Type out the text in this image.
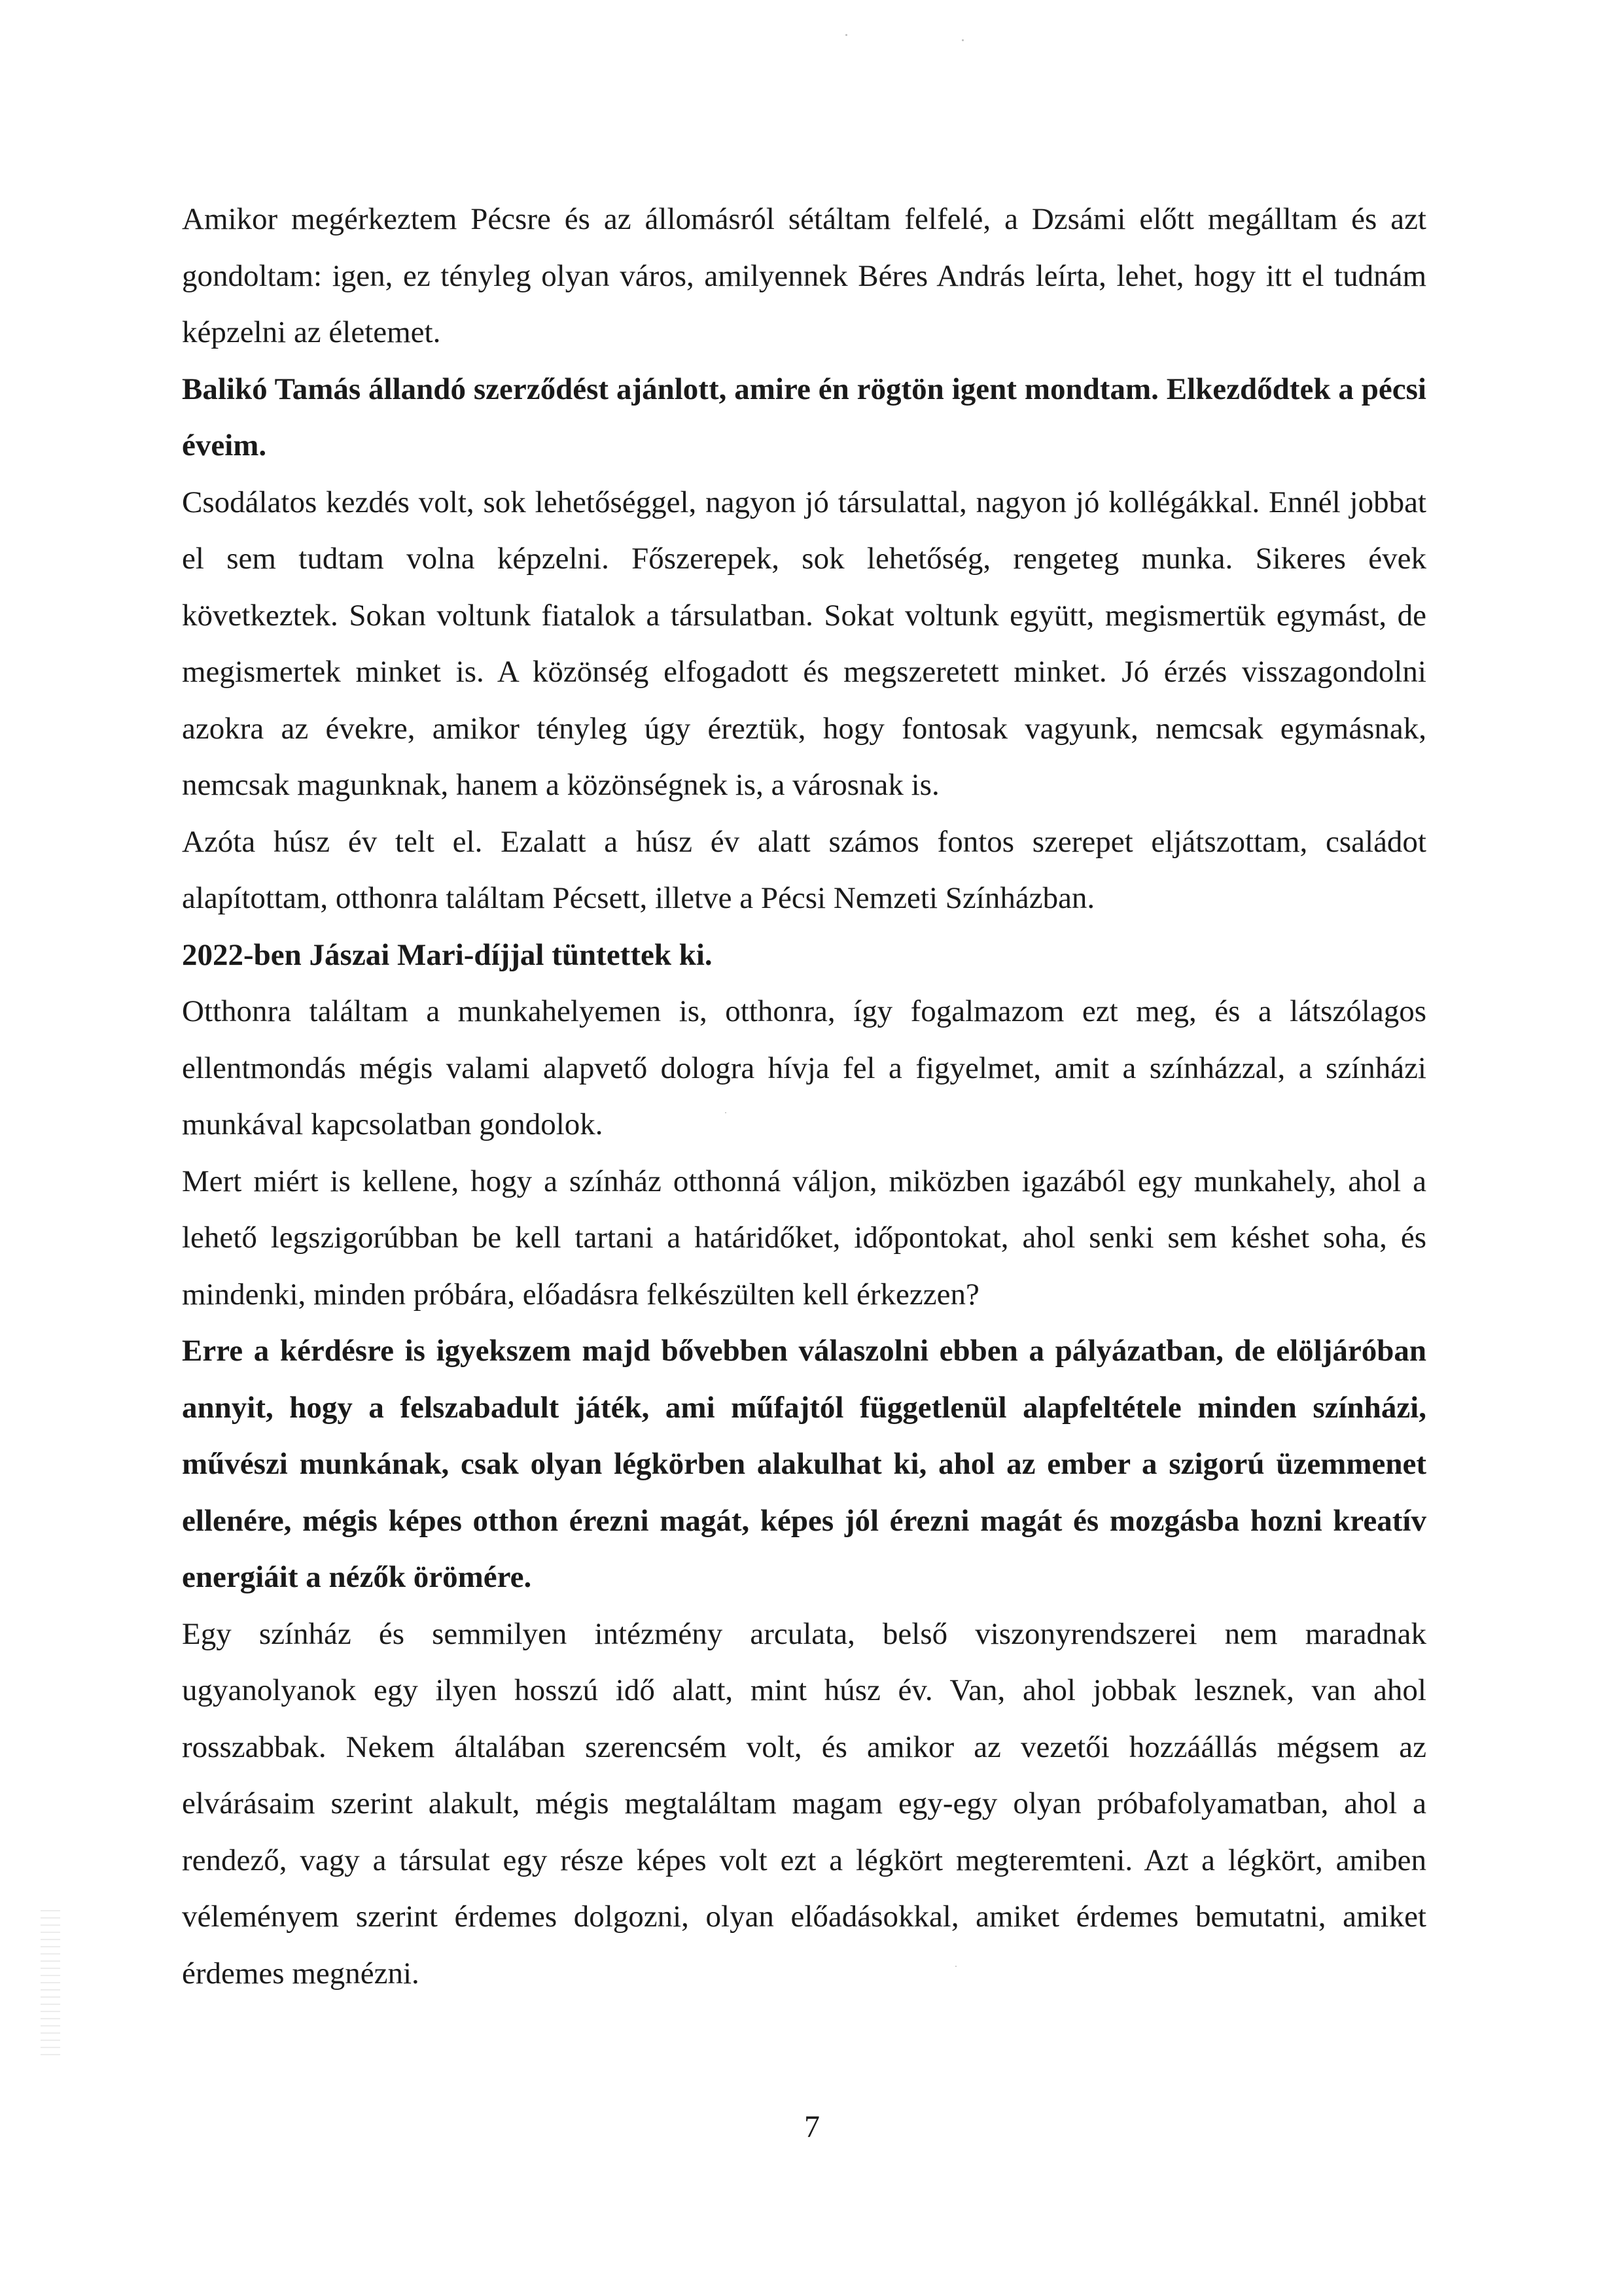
Amikor megérkeztem Pécsre és az állomásról sétáltam felfelé, a Dzsámi előtt megálltam és azt gondoltam: igen, ez tényleg olyan város, amilyennek Béres András leírta, lehet, hogy itt el tudnám képzelni az életemet.

Balikó Tamás állandó szerződést ajánlott, amire én rögtön igent mondtam. Elkezdődtek a pécsi éveim.

Csodálatos kezdés volt, sok lehetőséggel, nagyon jó társulattal, nagyon jó kollégákkal. Ennél jobbat el sem tudtam volna képzelni. Főszerepek, sok lehetőség, rengeteg munka. Sikeres évek következtek. Sokan voltunk fiatalok a társulatban. Sokat voltunk együtt, megismertük egymást, de megismertek minket is. A közönség elfogadott és megszeretett minket. Jó érzés visszagondolni azokra az évekre, amikor tényleg úgy éreztük, hogy fontosak vagyunk, nemcsak egymásnak, nemcsak magunknak, hanem a közönségnek is, a városnak is.

Azóta húsz év telt el. Ezalatt a húsz év alatt számos fontos szerepet eljátszottam, családot alapítottam, otthonra találtam Pécsett, illetve a Pécsi Nemzeti Színházban.

2022-ben Jászai Mari-díjjal tüntettek ki.

Otthonra találtam a munkahelyemen is, otthonra, így fogalmazom ezt meg, és a látszólagos ellentmondás mégis valami alapvető dologra hívja fel a figyelmet, amit a színházzal, a színházi munkával kapcsolatban gondolok.

Mert miért is kellene, hogy a színház otthonná váljon, miközben igazából egy munkahely, ahol a lehető legszigorúbban be kell tartani a határidőket, időpontokat, ahol senki sem késhet soha, és mindenki, minden próbára, előadásra felkészülten kell érkezzen?

Erre a kérdésre is igyekszem majd bővebben válaszolni ebben a pályázatban, de elöljáróban annyit, hogy a felszabadult játék, ami műfajtól függetlenül alapfeltétele minden színházi, művészi munkának, csak olyan légkörben alakulhat ki, ahol az ember a szigorú üzemmenet ellenére, mégis képes otthon érezni magát, képes jól érezni magát és mozgásba hozni kreatív energiáit a nézők örömére.

Egy színház és semmilyen intézmény arculata, belső viszonyrendszerei nem maradnak ugyanolyanok egy ilyen hosszú idő alatt, mint húsz év. Van, ahol jobbak lesznek, van ahol rosszabbak. Nekem általában szerencsém volt, és amikor az vezetői hozzáállás mégsem az elvárásaim szerint alakult, mégis megtaláltam magam egy-egy olyan próbafolyamatban, ahol a rendező, vagy a társulat egy része képes volt ezt a légkört megteremteni. Azt a légkört, amiben véleményem szerint érdemes dolgozni, olyan előadásokkal, amiket érdemes bemutatni, amiket érdemes megnézni.

7
